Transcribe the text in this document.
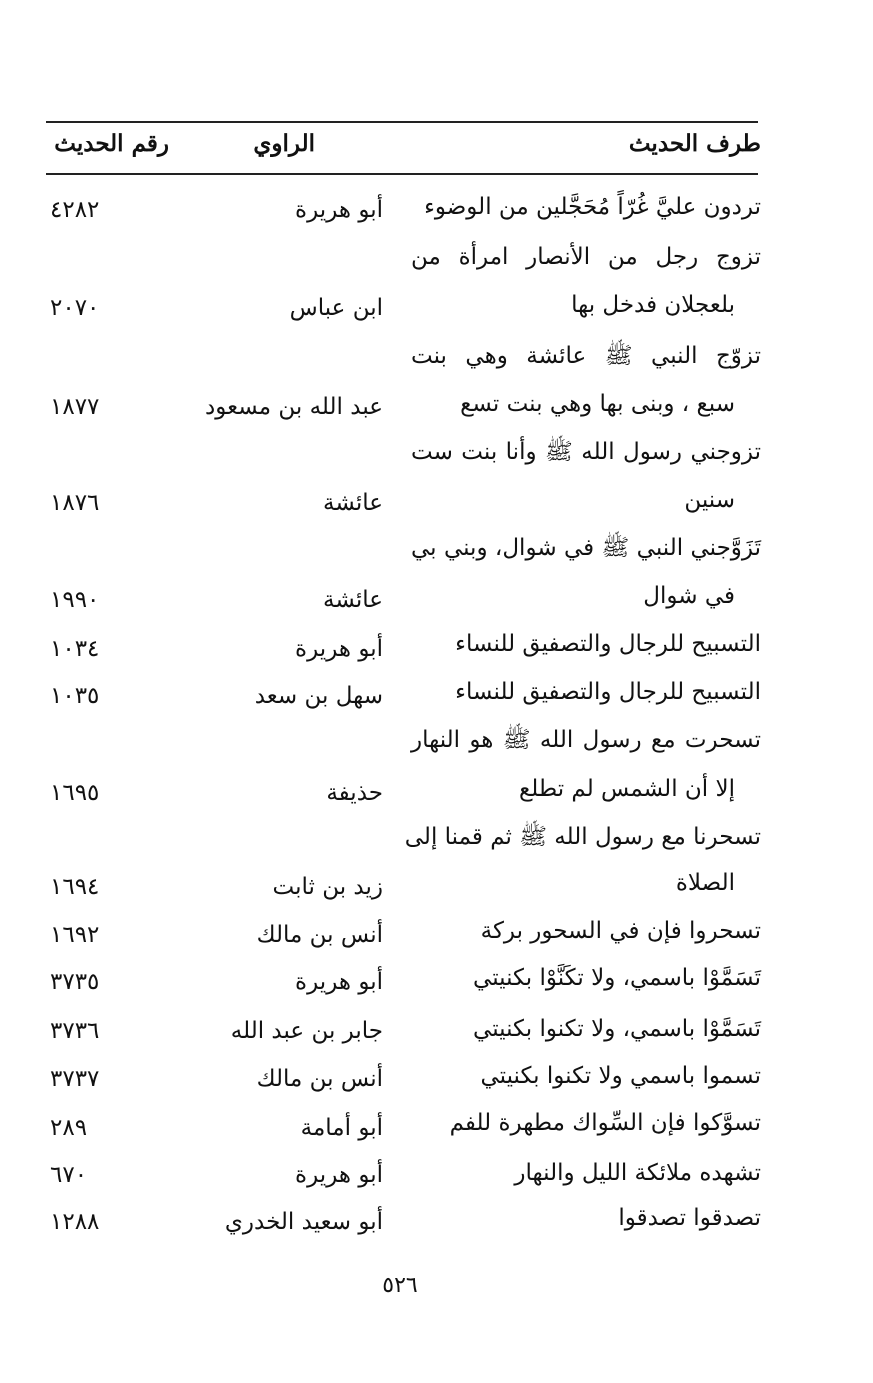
طرف الحديث
الراوي
رقم الحديث
تردون عليَّ غُرّاً مُحَجَّلين من الوضوء
أبو هريرة
٤٢٨٢
تزوج رجل من الأنصار امرأة من
بلعجلان فدخل بها
ابن عباس
٢٠٧٠
تزوّج النبي ﷺ عائشة وهي بنت
سبع ، وبنى بها وهي بنت تسع
عبد الله بن مسعود
١٨٧٧
تزوجني رسول الله ﷺ وأنا بنت ست
سنين
عائشة
١٨٧٦
تَزَوَّجني النبي ﷺ في شوال، وبني بي
في شوال
عائشة
١٩٩٠
التسبيح للرجال والتصفيق للنساء
أبو هريرة
١٠٣٤
التسبيح للرجال والتصفيق للنساء
سهل بن سعد
١٠٣٥
تسحرت مع رسول الله ﷺ هو النهار
إلا أن الشمس لم تطلع
حذيفة
١٦٩٥
تسحرنا مع رسول الله ﷺ ثم قمنا إلى
الصلاة
زيد بن ثابت
١٦٩٤
تسحروا فإن في السحور بركة
أنس بن مالك
١٦٩٢
تَسَمَّوْا باسمي، ولا تكَنَّوْا بكنيتي
أبو هريرة
٣٧٣٥
تَسَمَّوْا باسمي، ولا تكنوا بكنيتي
جابر بن عبد الله
٣٧٣٦
تسموا باسمي ولا تكنوا بكنيتي
أنس بن مالك
٣٧٣٧
تسوَّكوا فإن السِّواك مطهرة للفم
أبو أمامة
٢٨٩
تشهده ملائكة الليل والنهار
أبو هريرة
٦٧٠
تصدقوا تصدقوا
أبو سعيد الخدري
١٢٨٨
٥٢٦
